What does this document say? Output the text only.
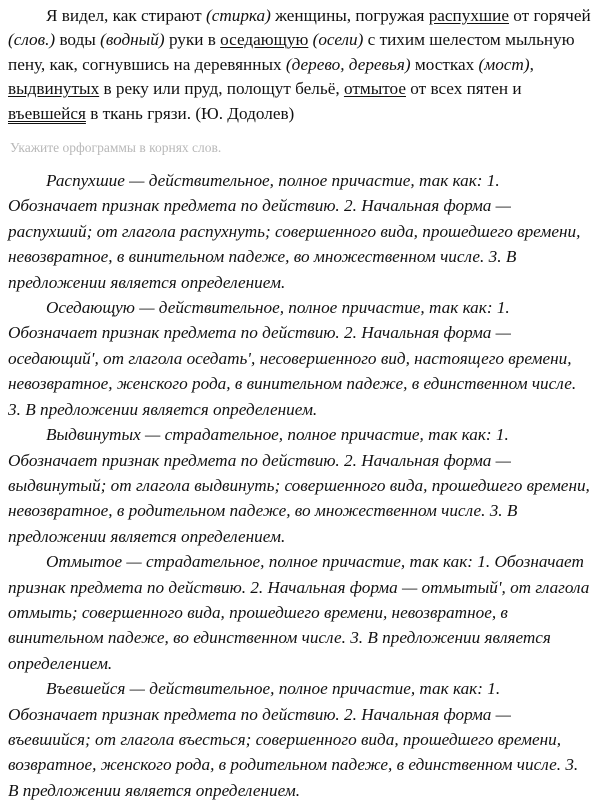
Я видел, как стирают (стирка) женщины, погружая распухшие от горячей (слов.) воды (водный) руки в оседающую (осели) с тихим шелестом мыльную пену, как, согнувшись на деревянных (дерево, деревья) мостках (мост), выдвинутых в реку или пруд, полощут бельё, отмытое от всех пятен и въевшейся в ткань грязи. (Ю. Додолев)

Укажите орфограммы в корнях слов.

Распухшие — действительное, полное причастие, так как: 1. Обозначает признак предмета по действию. 2. Начальная форма — распухший; от глагола распухнуть; совершенного вида, прошедшего времени, невозвратное, в винительном падеже, во множественном числе. 3. В предложении является определением.

Оседающую — действительное, полное причастие, так как: 1. Обозначает признак предмета по действию. 2. Начальная форма — оседающий', от глагола оседать', несовершенного вид, настоящего времени, невозвратное, женского рода, в винительном падеже, в единственном числе. 3. В предложении является определением.

Выдвинутых — страдательное, полное причастие, так как: 1. Обозначает признак предмета по действию. 2. Начальная форма — выдвинутый; от глагола выдвинуть; совершенного вида, прошедшего времени, невозвратное, в родительном падеже, во множественном числе. 3. В предложении является определением.

Отмытое — страдательное, полное причастие, так как: 1. Обозначает признак предмета по действию. 2. Начальная форма — отмытый', от глагола отмыть; совершенного вида, прошедшего времени, невозвратное, в винительном падеже, во единственном числе. 3. В предложении является определением.

Въевшейся — действительное, полное причастие, так как: 1. Обозначает признак предмета по действию. 2. Начальная форма — въевшийся; от глагола въесться; совершенного вида, прошедшего времени, возвратное, женского рода, в родительном падеже, в единственном числе. 3. В предложении является определением.
